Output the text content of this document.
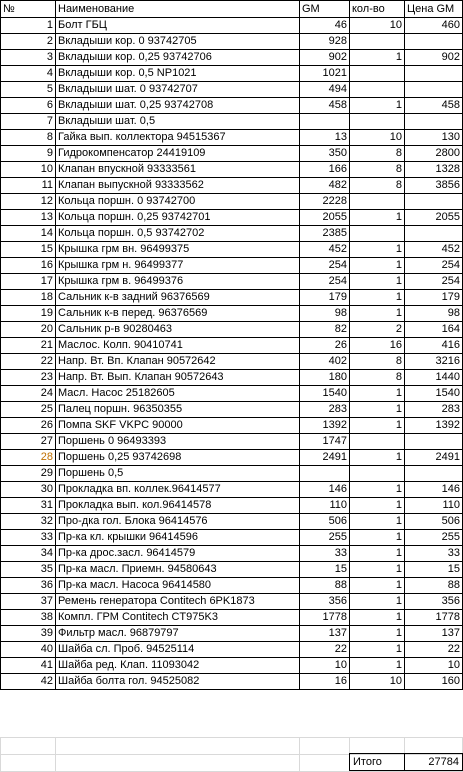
№	Наименование	GM	кол-во	Цена GM
1	Болт ГБЦ	46	10	460
2	Вкладыши кор. 0 93742705	928		
3	Вкладыши кор. 0,25 93742706	902	1	902
4	Вкладыши кор. 0,5 NP1021	1021		
5	Вкладыши шат. 0 93742707	494		
6	Вкладыши шат. 0,25 93742708	458	1	458
7	Вкладыши шат. 0,5			
8	Гайка вып. коллектора 94515367	13	10	130
9	Гидрокомпенсатор 24419109	350	8	2800
10	Клапан впускной 93333561	166	8	1328
11	Клапан выпускной 93333562	482	8	3856
12	Кольца поршн. 0 93742700	2228		
13	Кольца поршн. 0,25 93742701	2055	1	2055
14	Кольца поршн. 0,5 93742702	2385		
15	Крышка грм вн. 96499375	452	1	452
16	Крышка грм н. 96499377	254	1	254
17	Крышка грм в. 96499376	254	1	254
18	Сальник к-в задний 96376569	179	1	179
19	Сальник к-в перед. 96376569	98	1	98
20	Сальник р-в 90280463	82	2	164
21	Маслос. Колп. 90410741	26	16	416
22	Напр. Вт. Вп. Клапан 90572642	402	8	3216
23	Напр. Вт. Вып. Клапан 90572643	180	8	1440
24	Масл. Насос 25182605	1540	1	1540
25	Палец поршн. 96350355	283	1	283
26	Помпа SKF VKPC 90000	1392	1	1392
27	Поршень 0 96493393	1747		
28	Поршень 0,25 93742698	2491	1	2491
29	Поршень 0,5			
30	Прокладка вп. коллек.96414577	146	1	146
31	Прокладка вып. кол.96414578	110	1	110
32	Про-дка гол. Блока 96414576	506	1	506
33	Пр-ка кл. крышки 96414596	255	1	255
34	Пр-ка дрос.засл. 96414579	33	1	33
35	Пр-ка масл. Приемн. 94580643	15	1	15
36	Пр-ка масл. Насоса 96414580	88	1	88
37	Ремень генератора Contitech 6PK1873	356	1	356
38	Компл. ГРМ Contitech CT975K3	1778	1	1778
39	Фильтр масл. 96879797	137	1	137
40	Шайба сл. Проб. 94525114	22	1	22
41	Шайба ред. Клап. 11093042	10	1	10
42	Шайба болта гол. 94525082	16	10	160
Итого	27784
